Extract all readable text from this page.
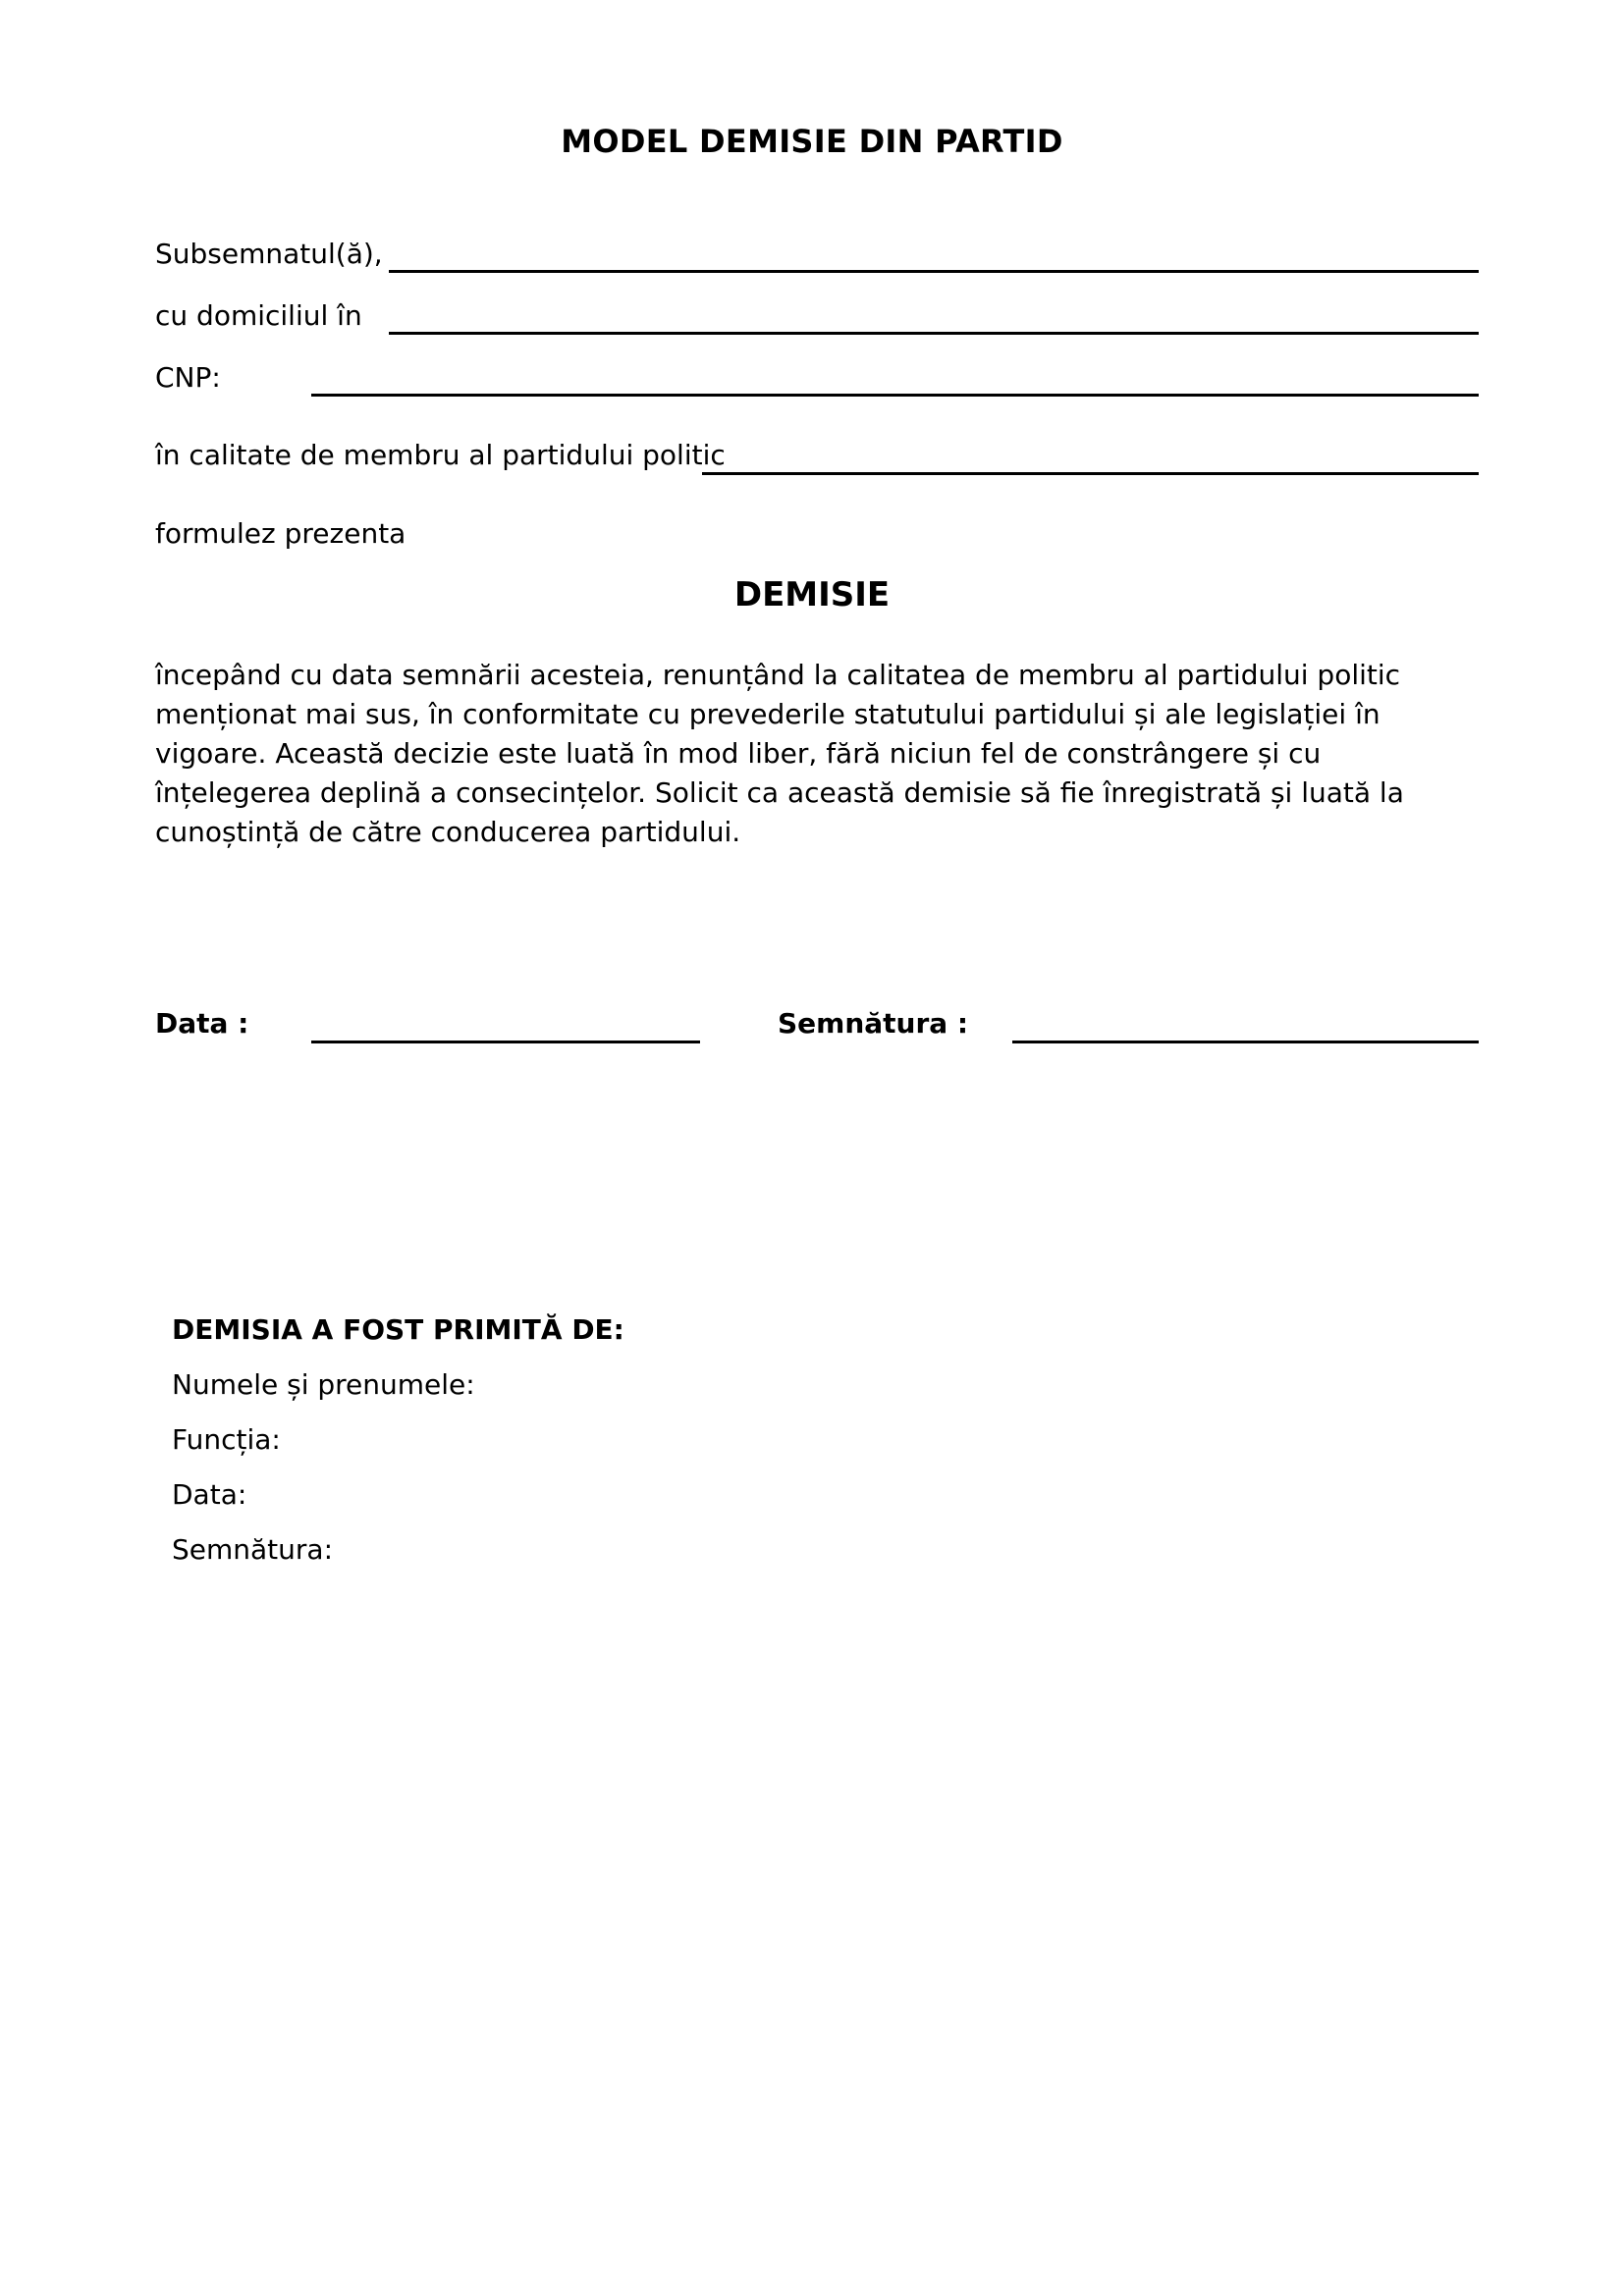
MODEL DEMISIE DIN PARTID
Subsemnatul(ă),
cu domiciliul în
CNP:
în calitate de membru al partidului politic
formulez prezenta
DEMISIE
începând cu data semnării acesteia, renunțând la calitatea de membru al partidului politic menționat mai sus, în conformitate cu prevederile statutului partidului și ale legislației în vigoare. Această decizie este luată în mod liber, fără niciun fel de constrângere și cu înțelegerea deplină a consecințelor. Solicit ca această demisie să fie înregistrată și luată la cunoștință de către conducerea partidului.
Data :	Semnătura :
DEMISIA A FOST PRIMITĂ DE:
Numele și prenumele:
Funcția:
Data:
Semnătura:
